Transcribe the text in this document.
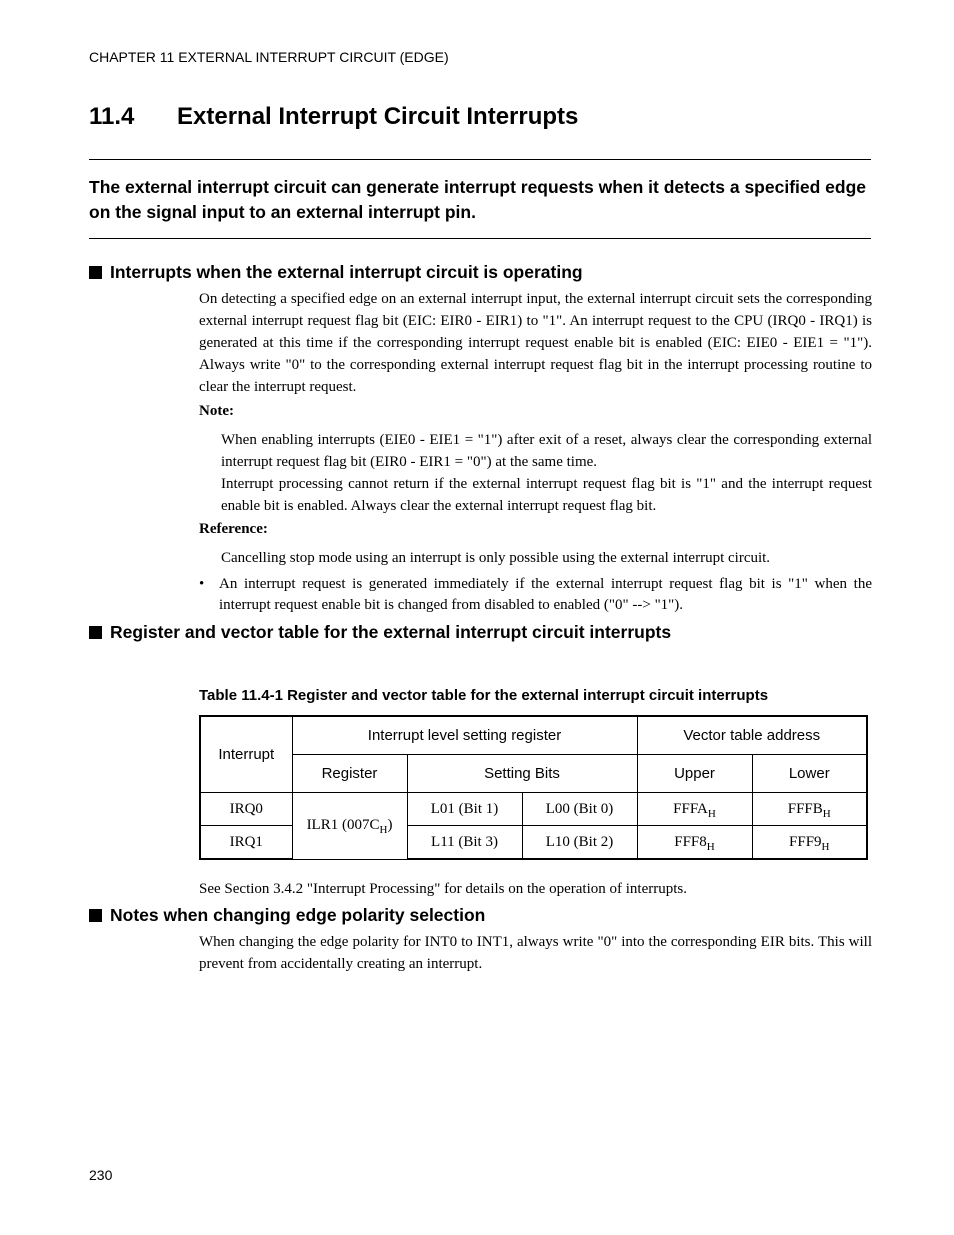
CHAPTER 11 EXTERNAL INTERRUPT CIRCUIT (EDGE)
11.4 External Interrupt Circuit Interrupts

The external interrupt circuit can generate interrupt requests when it detects a specified edge on the signal input to an external interrupt pin.

Interrupts when the external interrupt circuit is operating

On detecting a specified edge on an external interrupt input, the external interrupt circuit sets the corresponding external interrupt request flag bit (EIC: EIR0 - EIR1) to "1". An interrupt request to the CPU (IRQ0 - IRQ1) is generated at this time if the corresponding interrupt request enable bit is enabled (EIC: EIE0 - EIE1 = "1"). Always write "0" to the corresponding external interrupt request flag bit in the interrupt processing routine to clear the interrupt request.

Note:

When enabling interrupts (EIE0 - EIE1 = "1") after exit of a reset, always clear the corresponding external interrupt request flag bit (EIR0 - EIR1 = "0") at the same time.

Interrupt processing cannot return if the external interrupt request flag bit is "1" and the interrupt request enable bit is enabled. Always clear the external interrupt request flag bit.

Reference:

Cancelling stop mode using an interrupt is only possible using the external interrupt circuit.

• An interrupt request is generated immediately if the external interrupt request flag bit is "1" when the interrupt request enable bit is changed from disabled to enabled ("0" --> "1").

Register and vector table for the external interrupt circuit interrupts

Table 11.4-1 Register and vector table for the external interrupt circuit interrupts

Interrupt	Interrupt level setting register			Vector table address	
	Register	Setting Bits		Upper	Lower
IRQ0	ILR1 $(007C_H)$	L01 (Bit 1)	L00 (Bit 0)	$FFFA_H$	$FFFB_H$
IRQ1		L11 (Bit 3)	L10 (Bit 2)	$FFF8_H$	$FFF9_H$

See Section 3.4.2 "Interrupt Processing" for details on the operation of interrupts.

Notes when changing edge polarity selection

When changing the edge polarity for INT0 to INT1, always write "0" into the corresponding EIR bits. This will prevent from accidentally creating an interrupt.

230
